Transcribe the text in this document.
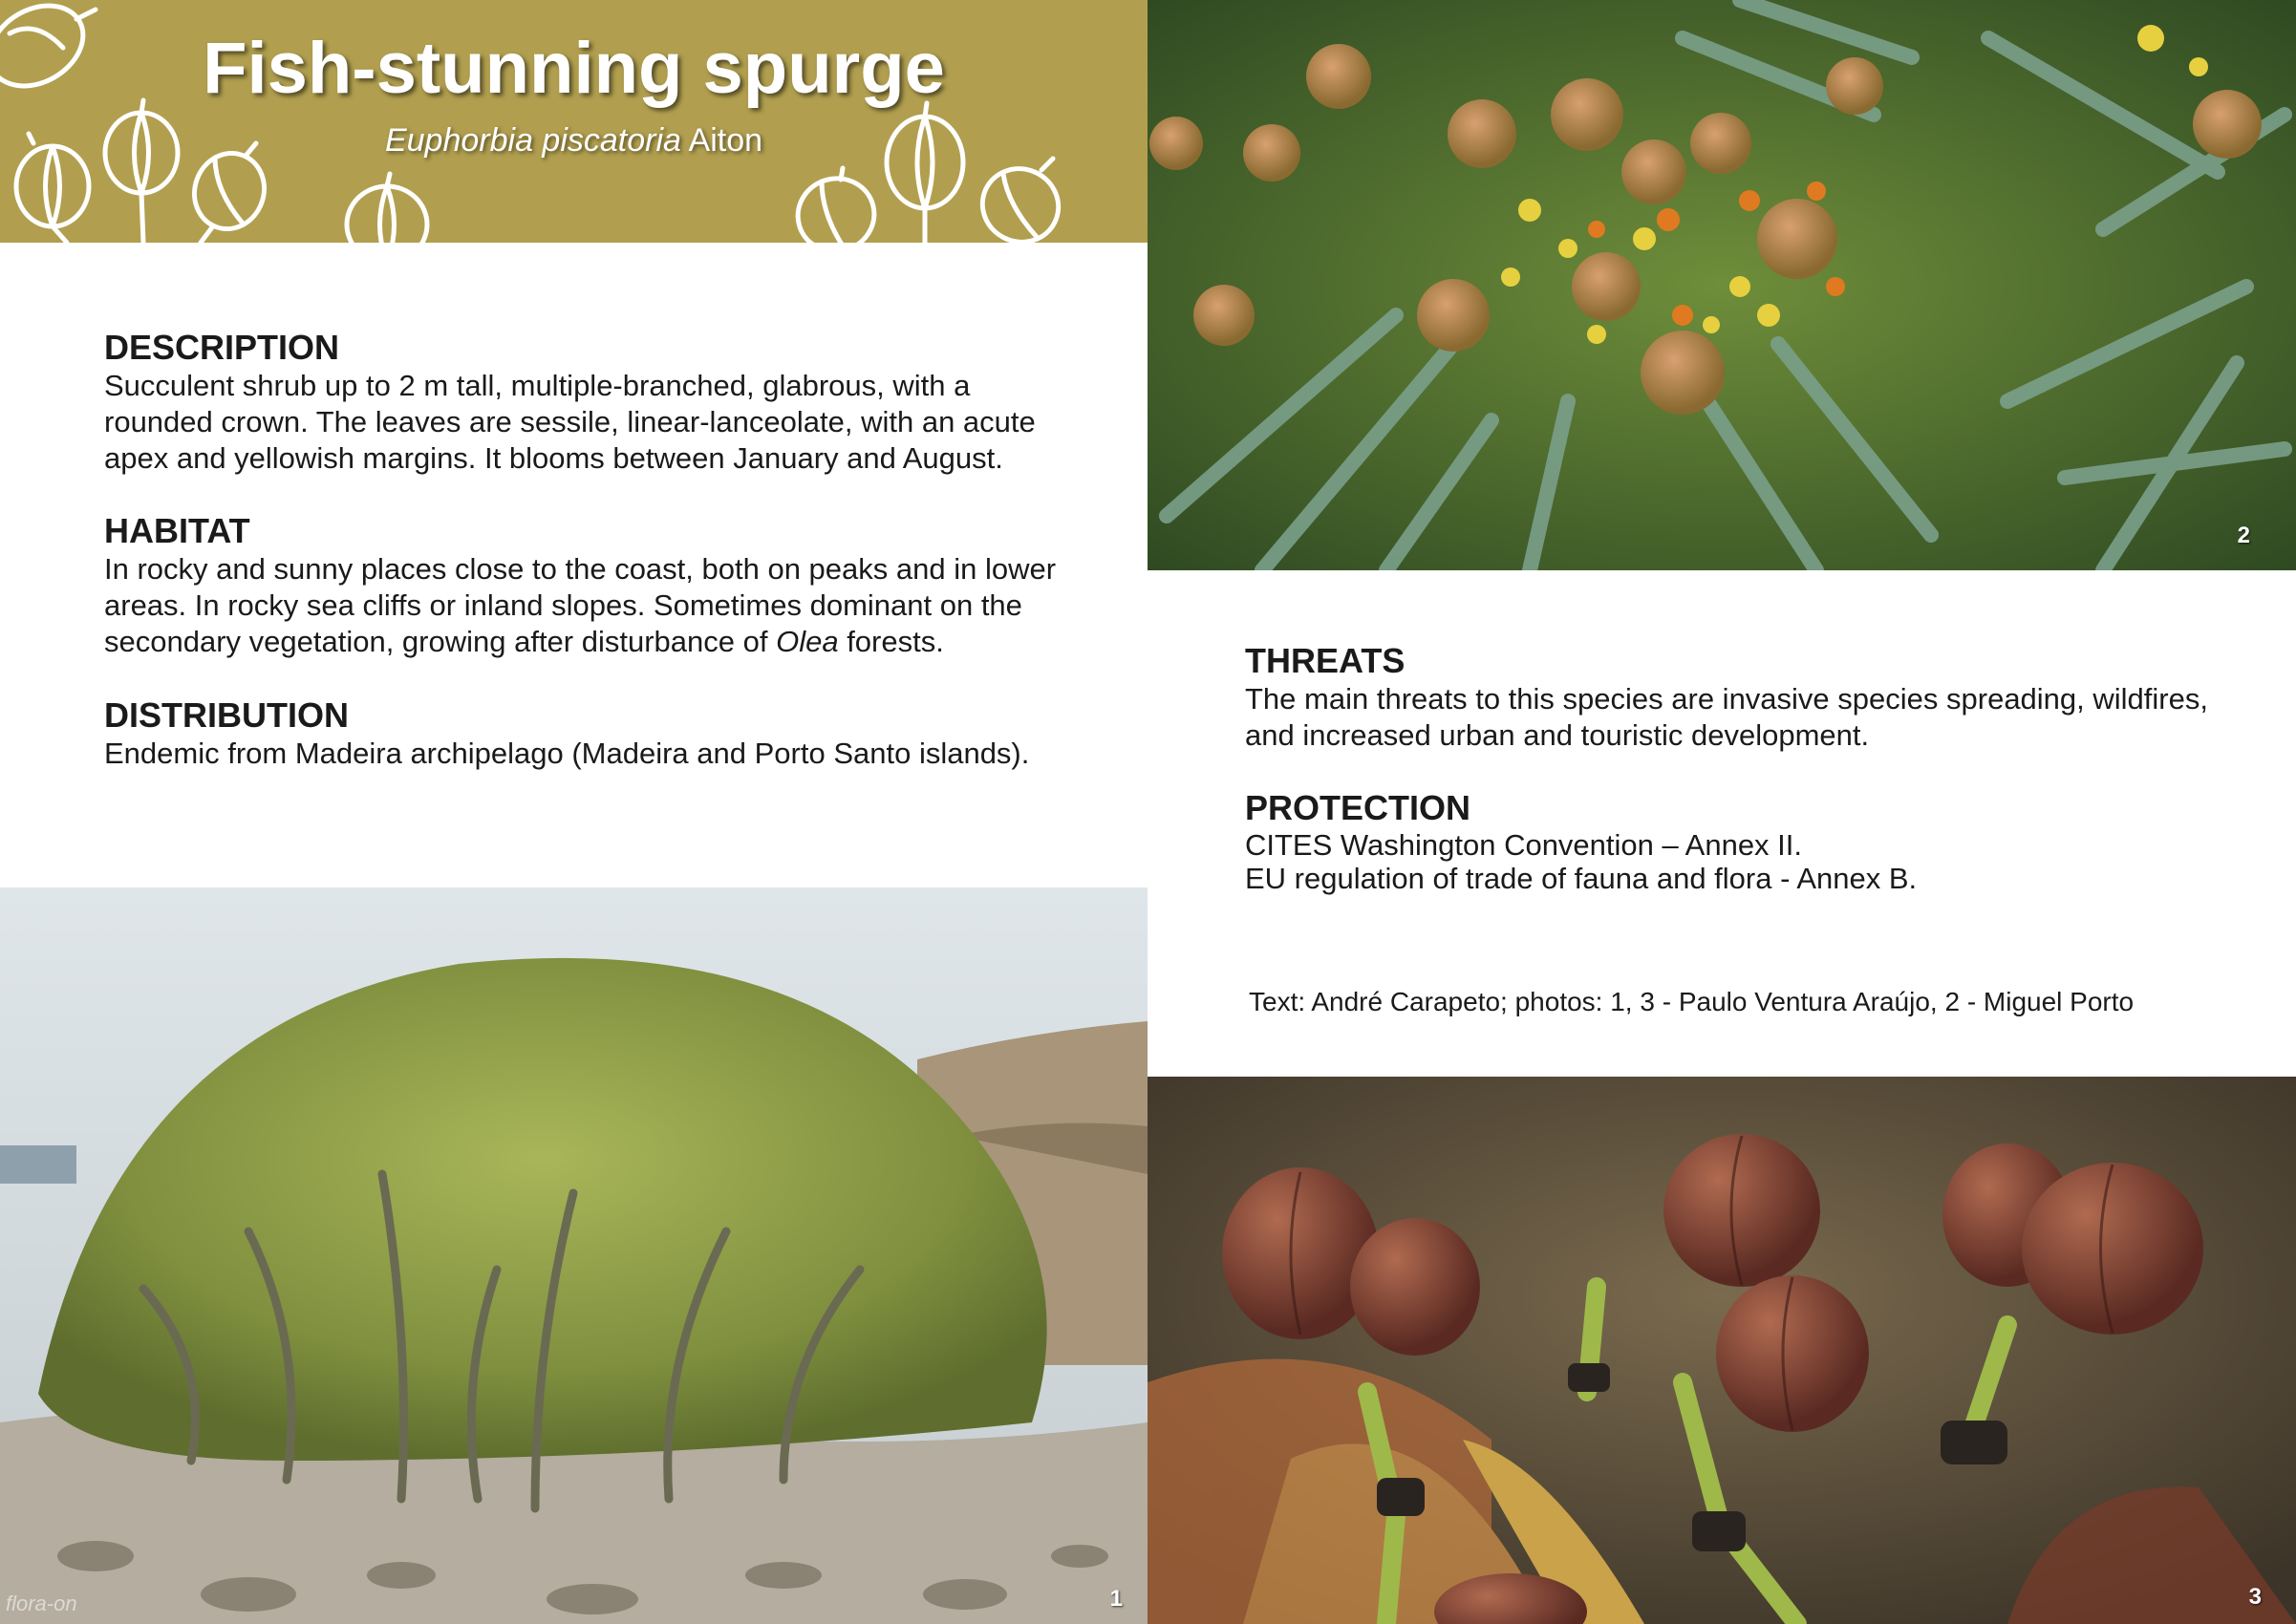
Fish-stunning spurge
Euphorbia piscatoria Aiton
DESCRIPTION

Succulent shrub up to 2 m tall, multiple-branched, glabrous, with a

rounded crown. The leaves are sessile, linear-lanceolate, with an acute

apex and yellowish margins. It blooms between January and August.

HABITAT

In rocky and sunny places close to the coast, both on peaks and in lower

areas. In rocky sea cliffs or inland slopes. Sometimes dominant on the

secondary vegetation, growing after disturbance of Olea forests.

DISTRIBUTION

Endemic from Madeira archipelago (Madeira and Porto Santo islands).

THREATS

The main threats to this species are invasive species spreading, wildfires,

and increased urban and touristic development.

PROTECTION

CITES Washington Convention – Annex II.

EU regulation of trade of fauna and flora - Annex B.

Text: André Carapeto; photos: 1, 3 - Paulo Ventura Araújo, 2 - Miguel Porto
2
flora-on	1	3
